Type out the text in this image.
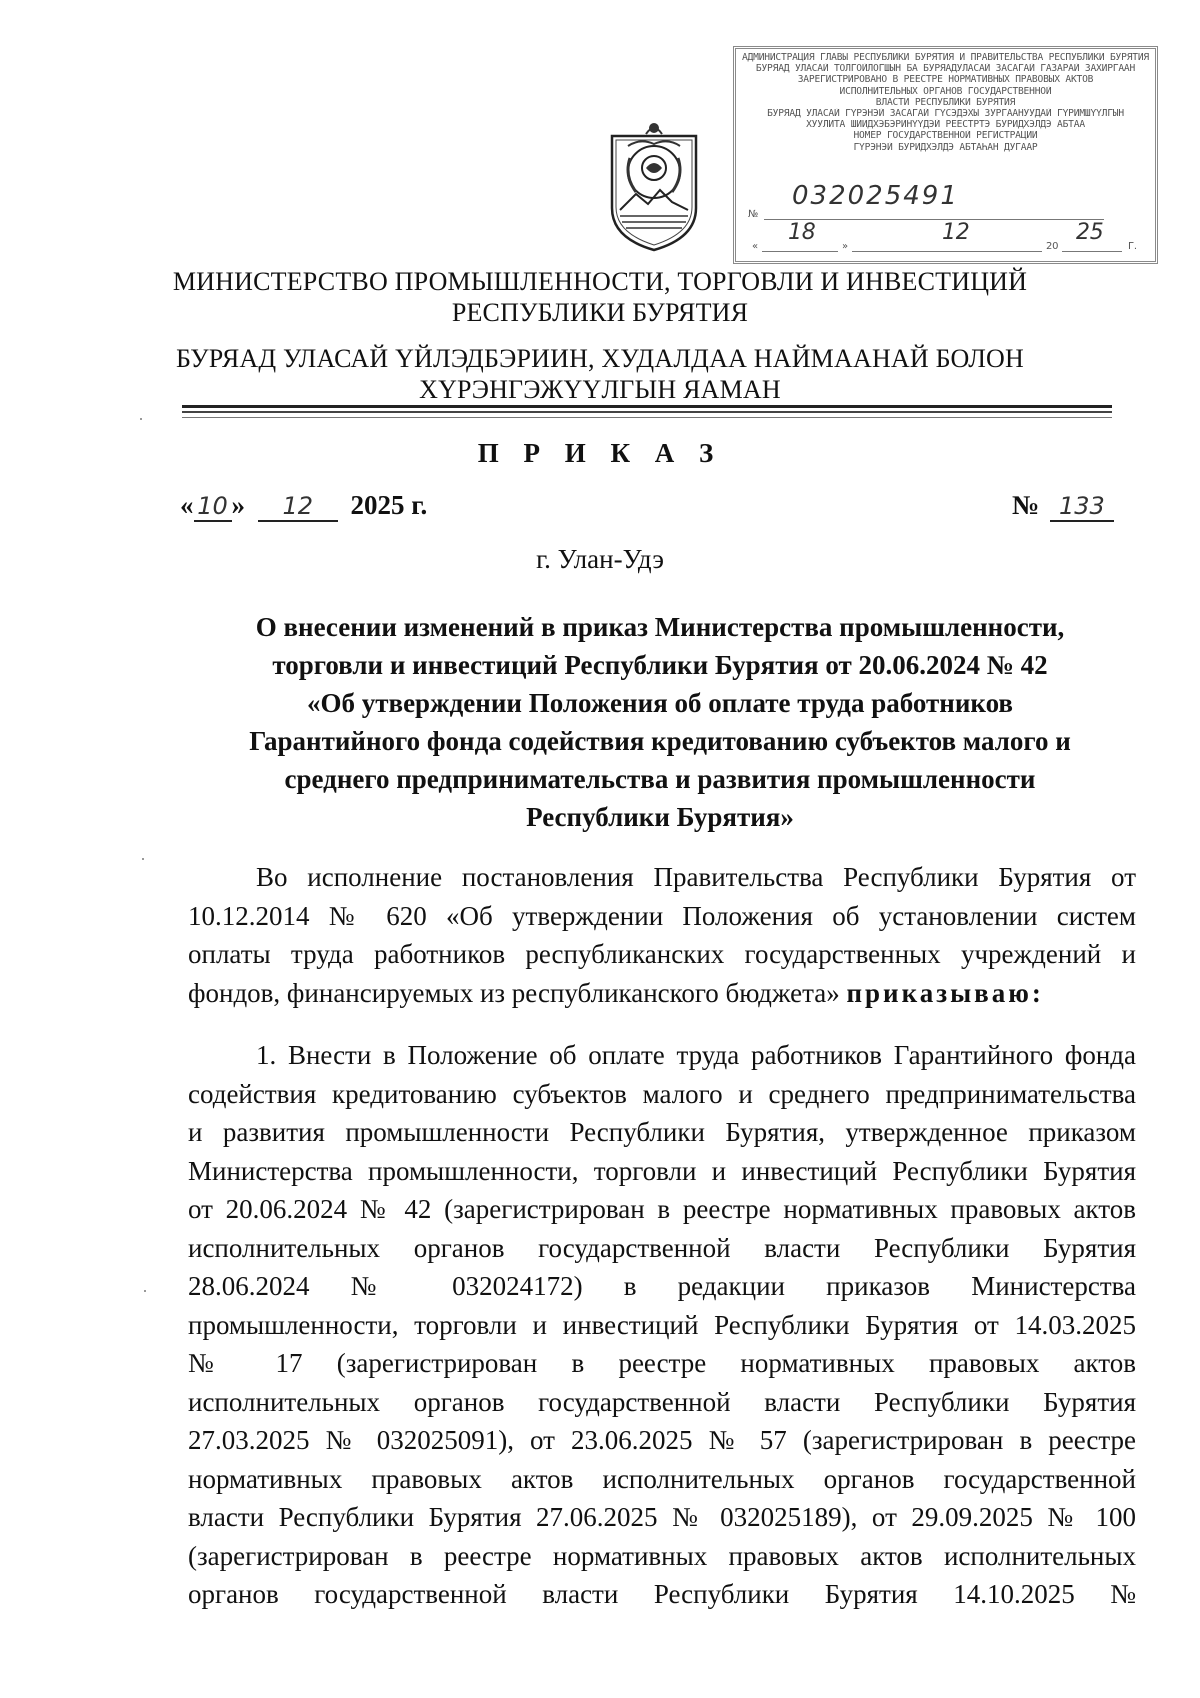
АДМИНИСТРАЦИЯ ГЛАВЫ РЕСПУБЛИКИ БУРЯТИЯ И ПРАВИТЕЛЬСТВА РЕСПУБЛИКИ БУРЯТИЯ
БУРЯАД УЛАСАЙ ТОЛГОЙЛОГШЫН БА БУРЯАДУЛАСАЙ ЗАСАГАЙ ГАЗАРАЙ ЗАХИРГААН
ЗАРЕГИСТРИРОВАНО В РЕЕСТРЕ НОРМАТИВНЫХ ПРАВОВЫХ АКТОВ
ИСПОЛНИТЕЛЬНЫХ ОРГАНОВ ГОСУДАРСТВЕННОЙ
ВЛАСТИ РЕСПУБЛИКИ БУРЯТИЯ
БУРЯАД УЛАСАЙ ГҮРЭНЭЙ ЗАСАГАЙ ГҮСЭДЭХЫ ЗУРГААНУУДАЙ ГҮРИМШҮҮЛГЫН
ХУУЛИТА ШИИДХЭБЭРИНҮҮДЭЙ РЕЕСТРТЭ БУРИДХЭЛДЭ АБТАА
НОМЕР ГОСУДАРСТВЕННОЙ РЕГИСТРАЦИИ
ГҮРЭНЭЙ БУРИДХЭЛДЭ АБТАҺАН ДУГААР
№
032025491
«
18
»
12
20
25
Г.
МИНИСТЕРСТВО ПРОМЫШЛЕННОСТИ, ТОРГОВЛИ И ИНВЕСТИЦИЙ
РЕСПУБЛИКИ БУРЯТИЯ
БУРЯАД УЛАСАЙ ҮЙЛЭДБЭРИИН, ХУДАЛДАА НАЙМААНАЙ БОЛОН
ХҮРЭНГЭЖҮҮЛГЫН ЯАМАН
П Р И К А З
« 10 » 12 2025 г.	№ 133
г. Улан-Удэ
О внесении изменений в приказ Министерства промышленности,
торговли и инвестиций Республики Бурятия от 20.06.2024 № 42
«Об утверждении Положения об оплате труда работников
Гарантийного фонда содействия кредитованию субъектов малого и
среднего предпринимательства и развития промышленности
Республики Бурятия»
Во исполнение постановления Правительства Республики Бурятия от
10.12.2014 № 620 «Об утверждении Положения об установлении систем
оплаты труда работников республиканских государственных учреждений и
фондов, финансируемых из республиканского бюджета» приказываю:
1. Внести в Положение об оплате труда работников Гарантийного фонда
содействия кредитованию субъектов малого и среднего предпринимательства
и развития промышленности Республики Бурятия, утвержденное приказом
Министерства промышленности, торговли и инвестиций Республики Бурятия
от 20.06.2024 № 42 (зарегистрирован в реестре нормативных правовых актов
исполнительных органов государственной власти Республики Бурятия
28.06.2024 № 032024172) в редакции приказов Министерства
промышленности, торговли и инвестиций Республики Бурятия от 14.03.2025
№ 17 (зарегистрирован в реестре нормативных правовых актов
исполнительных органов государственной власти Республики Бурятия
27.03.2025 № 032025091), от 23.06.2025 № 57 (зарегистрирован в реестре
нормативных правовых актов исполнительных органов государственной
власти Республики Бурятия 27.06.2025 № 032025189), от 29.09.2025 № 100
(зарегистрирован в реестре нормативных правовых актов исполнительных
органов государственной власти Республики Бурятия 14.10.2025 №
